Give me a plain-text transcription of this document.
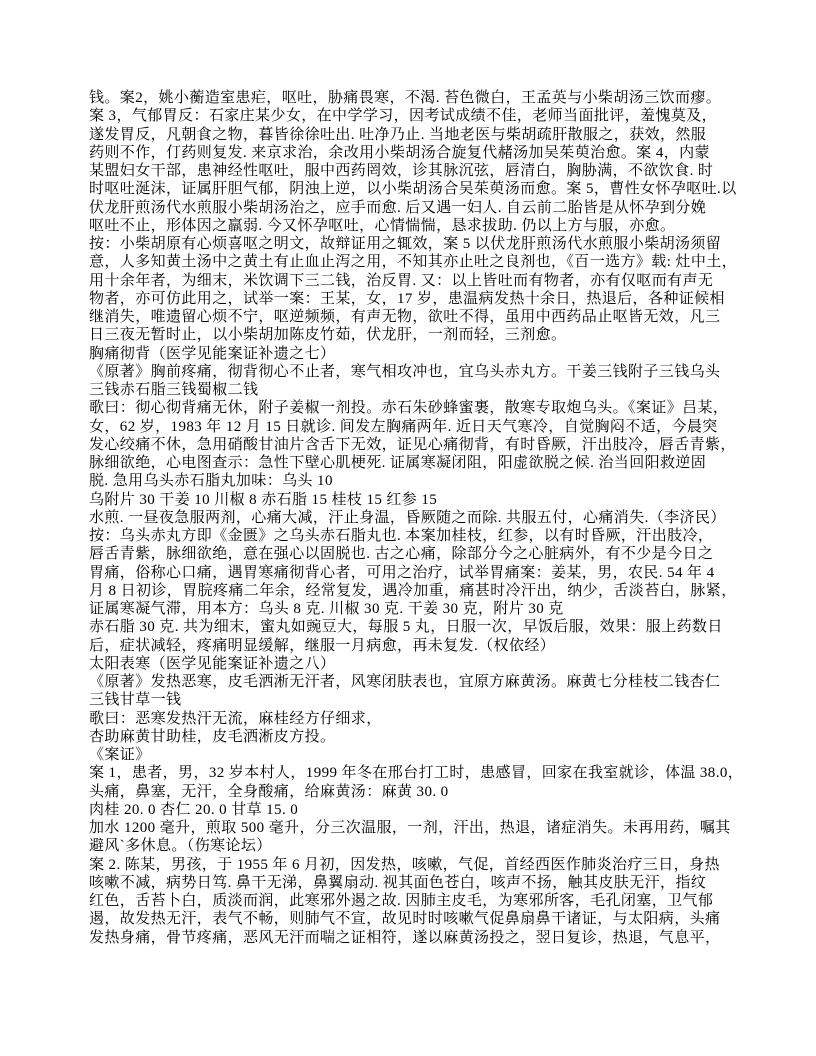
钱。案2，姚小蘅造室患疟，呕吐，胁痛畏寒，不渴. 苔色微白，王孟英与小柴胡汤三饮而瘳。
案 3，气郁胃反：石家庄某少女，在中学学习，因考试成绩不佳，老师当面批评，羞愧莫及，
遂发胃反，凡朝食之物，暮皆徐徐吐出. 吐净乃止. 当地老医与柴胡疏肝散服之，获效，然服
药则不作，仃药则复发. 来京求治，余改用小柴胡汤合旋复代赭汤加吴茱萸治愈。案 4，内蒙
某盟妇女干部，患神经性呕吐，服中西药罔效，诊其脉沉弦，唇清白，胸胁满，不欲饮食. 时
时呕吐涎沫，证属肝胆气郁，阴浊上逆，以小柴胡汤合吴茱萸汤而愈。案 5，曹性女怀孕呕吐.以
伏龙肝煎汤代水煎服小柴胡汤治之，应手而愈. 后又遇一妇人. 自云前二胎皆是从怀孕到分娩
呕吐不止，形体因之羸弱. 今又怀孕呕吐，心情惴惴，恳求拔助. 仍以上方与服，亦愈。
按：小柴胡原有心烦喜呕之明文，故辩证用之辄效，案 5 以伏龙肝煎汤代水煎服小柴胡汤须留
意，人多知黄土汤中之黄土有止血止泻之用，不知其亦止吐之良剂也，《百一选方》载: 灶中土，
用十余年者，为细末，米饮调下三二钱，治反胃. 又：以上皆吐而有物者，亦有仅呕而有声无
物者，亦可仿此用之，试举一案：王某，女，17 岁，患温病发热十余日，热退后，各种证候相
继消失，唯遗留心烦不宁，呕逆频频，有声无物，欲吐不得，虽用中西药品止呕皆无效，凡三
日三夜无暂时止，以小柴胡加陈皮竹茹，伏龙肝，一剂而轻，三剂愈。
胸痛彻背（医学见能案证补遗之七）
《原著》胸前疼痛，彻背彻心不止者，寒气相攻冲也，宜乌头赤丸方。干姜三钱附子三钱乌头
三钱赤石脂三钱蜀椒二钱
歌曰：彻心彻背痛无休，附子姜椒一剂投。赤石朱砂蜂蜜裹，散寒专取炮乌头。《案证》吕某，
女，62 岁，1983 年 12 月 15 日就诊. 间发左胸痛两年. 近日天气寒冷，自觉胸闷不适，今晨突
发心绞痛不休，急用硝酸甘油片含舌下无效，证见心痛彻背，有时昏厥，汗出肢冷，唇舌青紫，
脉细欲绝，心电图查示：急性下壁心肌梗死. 证属寒凝闭阻，阳虚欲脱之候. 治当回阳救逆固
脱. 急用乌头赤石脂丸加味：乌头 10
乌附片 30 干姜 10 川椒 8 赤石脂 15 桂枝 15 红参 15
水煎. 一昼夜急服两剂，心痛大减，汗止身温，昏厥随之而除. 共服五付，心痛消失.（李济民）
按：乌头赤丸方即《金匮》之乌头赤石脂丸也. 本案加桂枝，红参，以有时昏厥，汗出肢冷，
唇舌青紫，脉细欲绝，意在强心以固脱也. 古之心痛，除部分今之心脏病外，有不少是今日之
胃痛，俗称心口痛，遇胃寒痛彻背心者，可用之治疗，试举胃痛案：姜某，男，农民. 54 年 4
月 8 日初诊，胃脘疼痛二年余，经常复发，遇冷加重，痛甚时冷汗出，纳少，舌淡苔白，脉紧，
证属寒凝气滞，用本方：乌头 8 克. 川椒 30 克. 干姜 30 克，附片 30 克
赤石脂 30 克. 共为细末，蜜丸如豌豆大，每服 5 丸，日服一次，早饭后服，效果：服上药数日
后，症状减轻，疼痛明显缓解，继服一月病愈，再未复发.（权依经）
太阳表寒（医学见能案证补遗之八）
《原著》发热恶寒，皮毛洒淅无汗者，风寒闭肤表也，宜原方麻黄汤。麻黄七分桂枝二钱杏仁
三钱甘草一钱
歌曰：恶寒发热汗无流，麻桂经方仔细求，
杏助麻黄甘助桂，皮毛洒淅皮方投。
《案证》
案 1，患者，男，32 岁本村人，1999 年冬在邢台打工时，患感冒，回家在我室就诊，体温 38.0，
头痛，鼻塞，无汗，全身酸痛，给麻黄汤：麻黄 30. 0
肉桂 20. 0 杏仁 20. 0 甘草 15. 0
加水 1200 毫升，煎取 500 毫升，分三次温服，一剂，汗出，热退，诸症消失。未再用药，嘱其
避风`多休息。（伤寒论坛）
案 2. 陈某，男孩，于 1955 年 6 月初，因发热，咳嗽，气促，首经西医作肺炎治疗三日，身热
咳嗽不减，病势日笃. 鼻干无涕，鼻翼扇动. 视其面色苍白，咳声不扬，触其皮肤无汗，指纹
红色，舌苔卜白，质淡而润，此寒邪外遏之故. 因肺主皮毛，为寒邪所客，毛孔闭塞，卫气郁
遏，故发热无汗，表气不畅，则肺气不宣，故见时时咳嗽气促鼻扇鼻干诸证，与太阳病，头痛
发热身痛，骨节疼痛，恶风无汗而喘之证相符，遂以麻黄汤投之，翌日复诊，热退，气息平，
